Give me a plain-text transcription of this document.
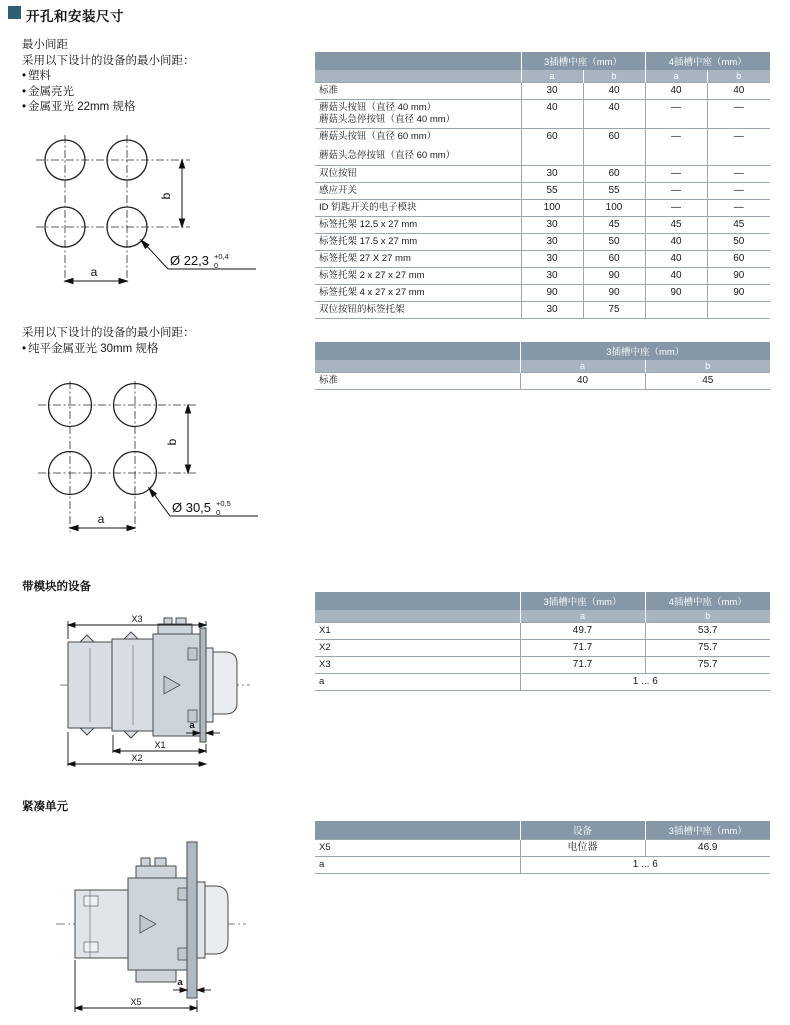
开孔和安装尺寸
最小间距
采用以下设计的设备的最小间距：
• 塑料
• 金属亮光
• 金属亚光 22mm 规格
b
a
Ø 22,3 +0,4
0
采用以下设计的设备的最小间距：
• 纯平金属亚光 30mm 规格
b
a
Ø 30,5 +0,5
0
带模块的设备
X3
X1
X2
a
紧凑单元
a
X5
	3插槽中座（mm）		4插槽中座（mm）	
	a	b	a	b

标准	30	40	40	40

蘑菇头按钮（直径 40 mm）
蘑菇头急停按钮（直径 40 mm）	40	40	—	—

蘑菇头按钮（直径 60 mm）
蘑菇头急停按钮（直径 60 mm）	60	60	—	—

双位按钮	30	60	—	—

感应开关	55	55	—	—

ID 钥匙开关的电子模块	100	100	—	—

标签托架 12.5 x 27 mm	30	45	45	45

标签托架 17.5 x 27 mm	30	50	40	50

标签托架 27 X 27 mm	30	60	40	60

标签托架 2 x 27 x 27 mm	30	90	40	90

标签托架 4 x 27 x 27 mm	90	90	90	90

双位按钮的标签托架	30	75		
	3插槽中座（mm）	
	a	b

标准	40	45
	3插槽中座（mm）	4插槽中座（mm）
	a	b

X1	49.7	53.7

X2	71.7	75.7

X3	71.7	75.7

a	1 ... 6	
	设备	3插槽中座（mm）

X5	电位器	46.9

a	1 ... 6	
